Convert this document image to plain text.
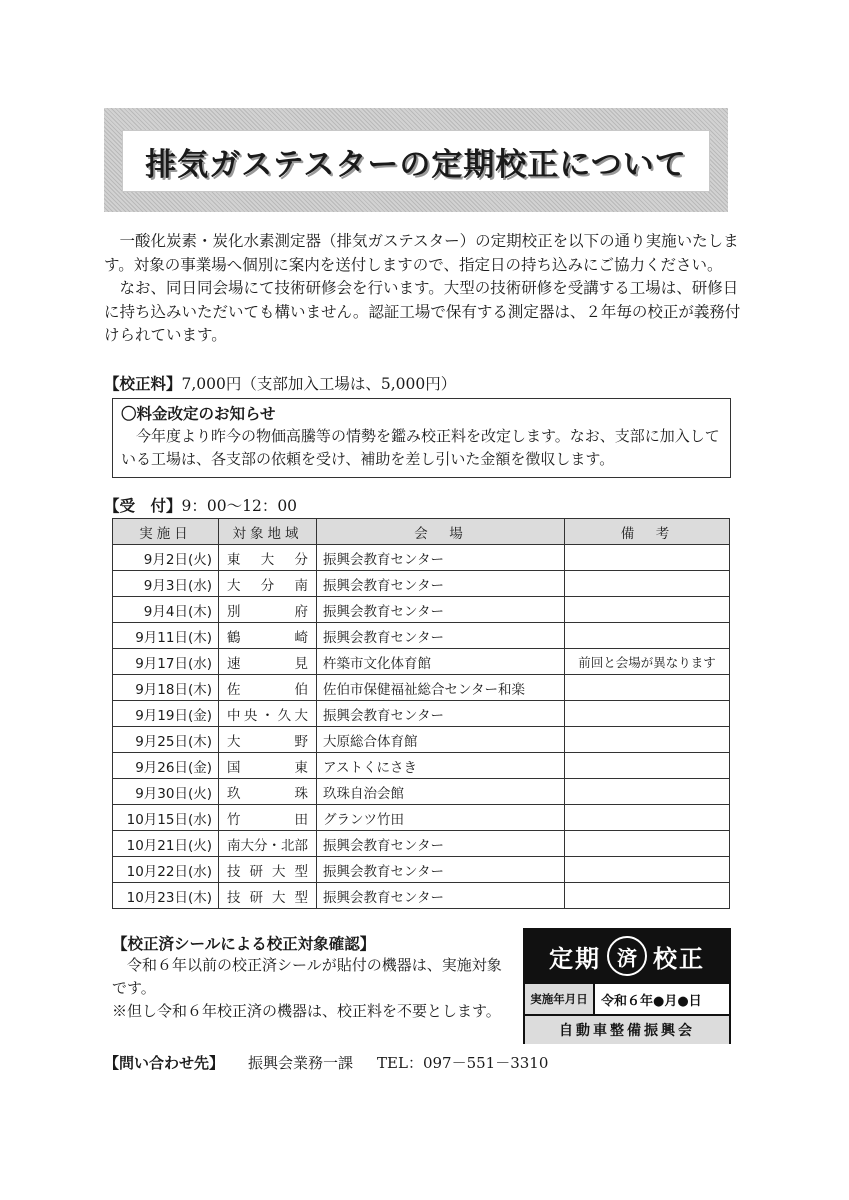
排気ガステスターの定期校正について

一酸化炭素・炭化水素測定器（排気ガステスター）の定期校正を以下の通り実施いたします。対象の事業場へ個別に案内を送付しますので、指定日の持ち込みにご協力ください。

なお、同日同会場にて技術研修会を行います。大型の技術研修を受講する工場は、研修日に持ち込みいただいても構いません。認証工場で保有する測定器は、２年毎の校正が義務付けられています。

【校正料】7,000円（支部加入工場は、5,000円）
〇料金改定のお知らせ
今年度より昨今の物価高騰等の情勢を鑑み校正料を改定します。なお、支部に加入している工場は、各支部の依頼を受け、補助を差し引いた金額を徴収します。
【受　付】9：00～12：00
実施日	対象地域	会　場	備　考
9月2日(火)	東大分	振興会教育センター	
9月3日(水)	大分南	振興会教育センター	
9月4日(木)	別府	振興会教育センター	
9月11日(木)	鶴崎	振興会教育センター	
9月17日(水)	速見	杵築市文化体育館	前回と会場が異なります
9月18日(木)	佐伯	佐伯市保健福祉総合センター和楽	
9月19日(金)	中央・久大	振興会教育センター	
9月25日(木)	大野	大原総合体育館	
9月26日(金)	国東	アストくにさき	
9月30日(火)	玖珠	玖珠自治会館	
10月15日(水)	竹田	グランツ竹田	
10月21日(火)	南大分・北部	振興会教育センター	
10月22日(水)	技研大型	振興会教育センター	
10月23日(木)	技研大型	振興会教育センター	
【校正済シールによる校正対象確認】

令和６年以前の校正済シールが貼付の機器は、実施対象です。

※但し令和６年校正済の機器は、校正料を不要とします。

定期 済 校正
実施年月日	令和６年●月●日
自動車整備振興会
【問い合わせ先】 振興会業務一課 TEL：097－551－3310
